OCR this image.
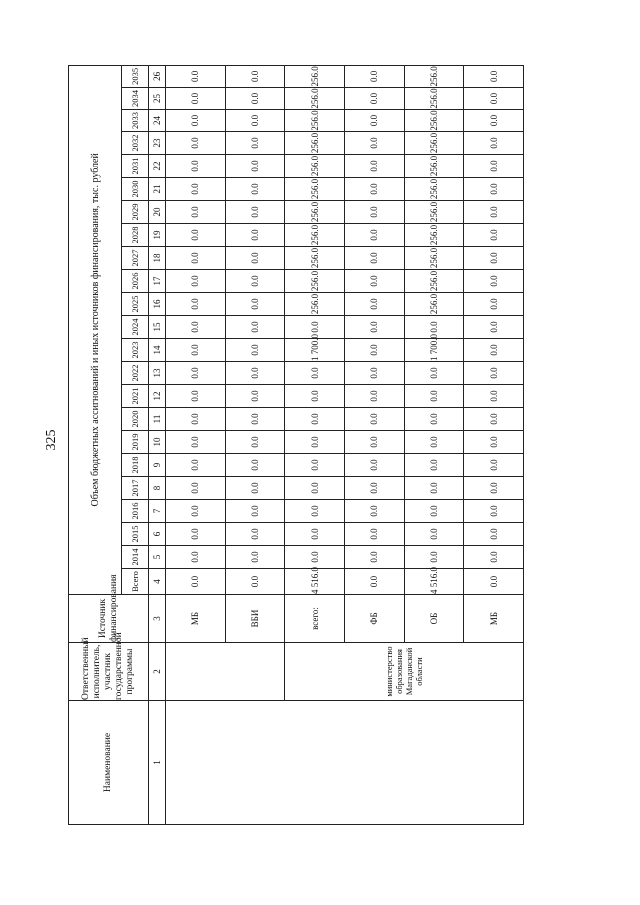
325
Наименование	Ответственный исполнитель, участник государственной программы	Источник финансирования	Объем бюджетных ассигнований и иных источников финансирования, тыс. рублей																						
			Всего	2014	2015	2016	2017	2018	2019	2020	2021	2022	2023	2024	2025	2026	2027	2028	2029	2030	2031	2032	2033	2034	2035
1	2	3	4	5	6	7	8	9	10	11	12	13	14	15	16	17	18	19	20	21	22	23	24	25	26
		МБ	0.0	0.0	0.0	0.0	0.0	0.0	0.0	0.0	0.0	0.0	0.0	0.0	0.0	0.0	0.0	0.0	0.0	0.0	0.0	0.0	0.0	0.0	0.0
		ВБИ	0.0	0.0	0.0	0.0	0.0	0.0	0.0	0.0	0.0	0.0	0.0	0.0	0.0	0.0	0.0	0.0	0.0	0.0	0.0	0.0	0.0	0.0	0.0
	министерство образования Магаданской области	всего:	4 516.0	0.0	0.0	0.0	0.0	0.0	0.0	0.0	0.0	0.0	1 700.0	0.0	256.0	256.0	256.0	256.0	256.0	256.0	256.0	256.0	256.0	256.0	256.0
		ФБ	0.0	0.0	0.0	0.0	0.0	0.0	0.0	0.0	0.0	0.0	0.0	0.0	0.0	0.0	0.0	0.0	0.0	0.0	0.0	0.0	0.0	0.0	0.0
		ОБ	4 516.0	0.0	0.0	0.0	0.0	0.0	0.0	0.0	0.0	0.0	1 700.0	0.0	256.0	256.0	256.0	256.0	256.0	256.0	256.0	256.0	256.0	256.0	256.0
		МБ	0.0	0.0	0.0	0.0	0.0	0.0	0.0	0.0	0.0	0.0	0.0	0.0	0.0	0.0	0.0	0.0	0.0	0.0	0.0	0.0	0.0	0.0	0.0
